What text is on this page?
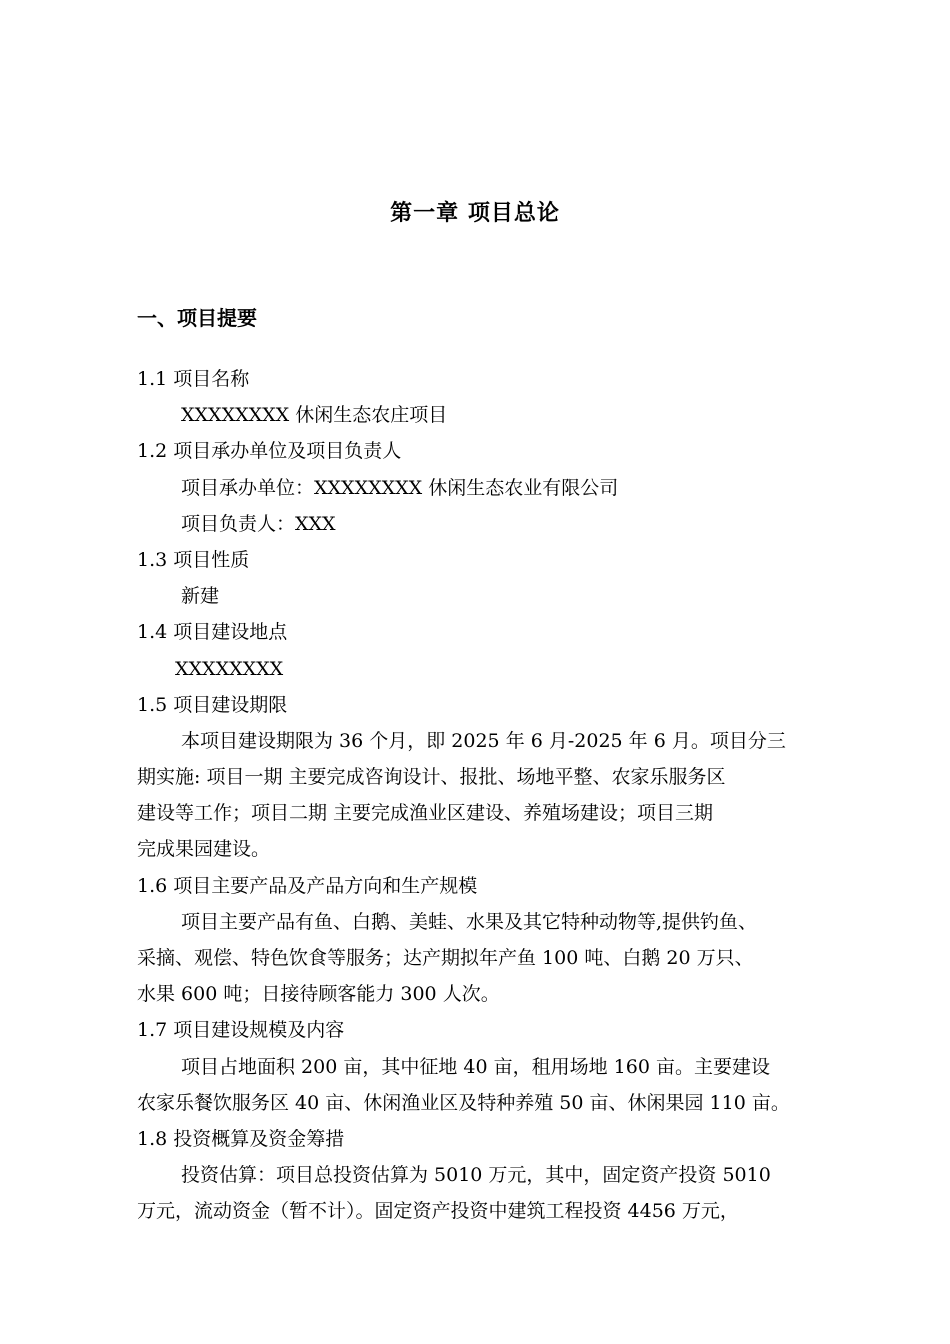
第一章 项目总论
一、项目提要
1.1 项目名称
XXXXXXXX 休闲生态农庄项目
1.2 项目承办单位及项目负责人
项目承办单位：XXXXXXXX 休闲生态农业有限公司
项目负责人：XXX
1.3 项目性质
新建
1.4 项目建设地点
XXXXXXXX
1.5 项目建设期限
本项目建设期限为 36 个月，即 2025 年 6 月-2025 年 6 月。项目分三
期实施: 项目一期 主要完成咨询设计、报批、场地平整、农家乐服务区
建设等工作；项目二期 主要完成渔业区建设、养殖场建设；项目三期
完成果园建设。
1.6 项目主要产品及产品方向和生产规模
项目主要产品有鱼、白鹅、美蛙、水果及其它特种动物等,提供钓鱼、
采摘、观偿、特色饮食等服务；达产期拟年产鱼 100 吨、白鹅 20 万只、
水果 600 吨；日接待顾客能力 300 人次。
1.7 项目建设规模及内容
项目占地面积 200 亩，其中征地 40 亩，租用场地 160 亩。主要建设
农家乐餐饮服务区 40 亩、休闲渔业区及特种养殖 50 亩、休闲果园 110 亩。
1.8 投资概算及资金筹措
投资估算：项目总投资估算为 5010 万元，其中，固定资产投资 5010
万元，流动资金（暂不计）。固定资产投资中建筑工程投资 4456 万元，
